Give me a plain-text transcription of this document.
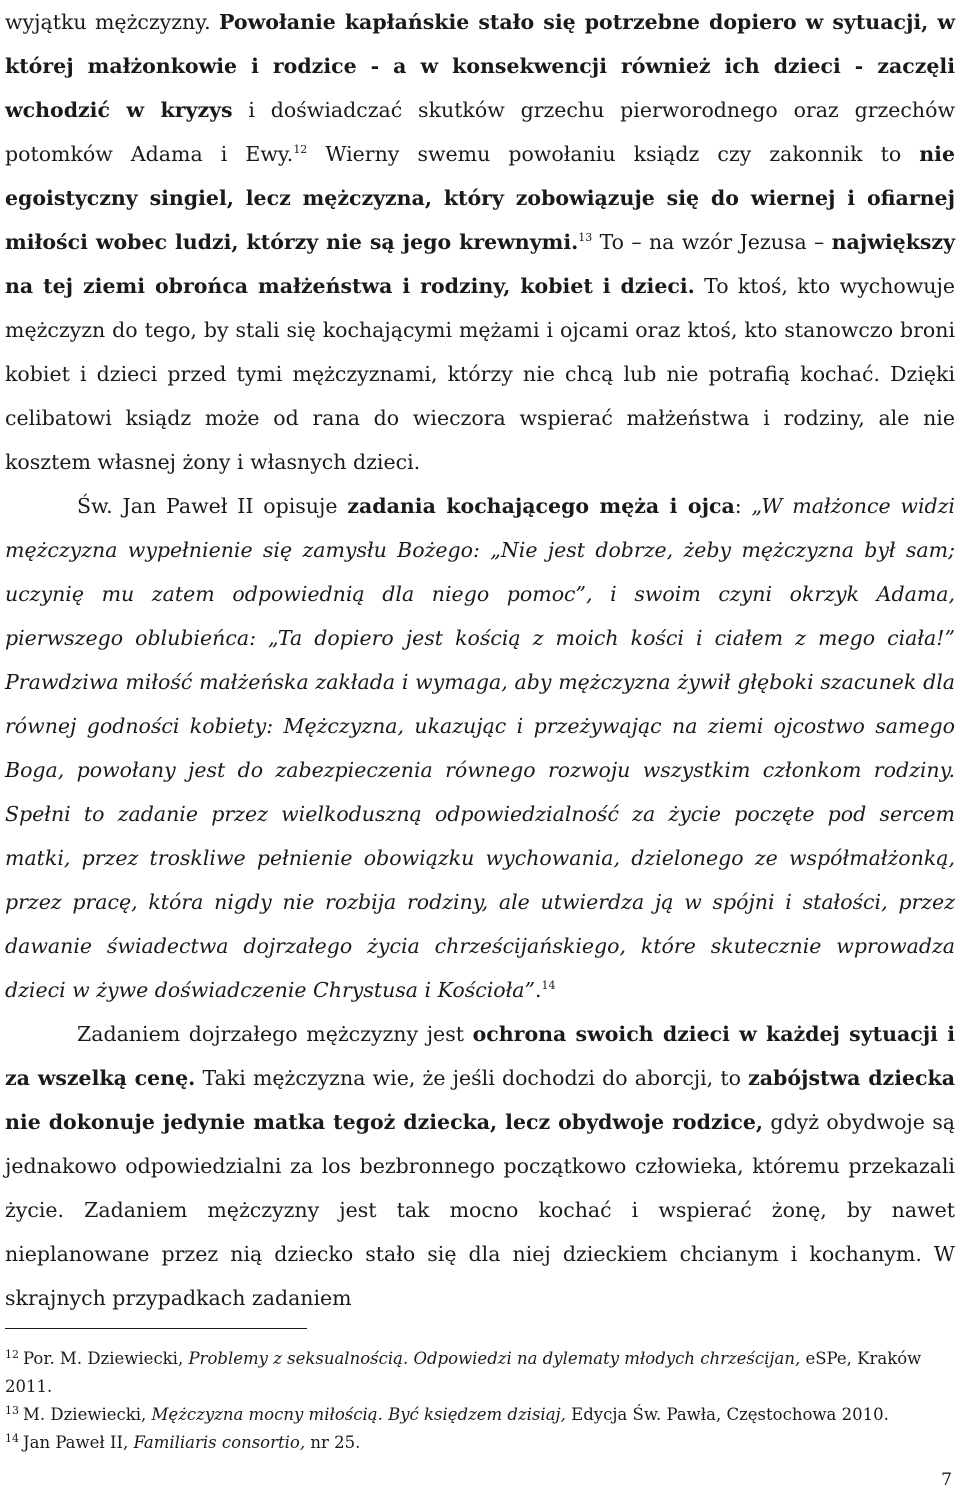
wyjątku mężczyzny. Powołanie kapłańskie stało się potrzebne dopiero w sytuacji, w której małżonkowie i rodzice - a w konsekwencji również ich dzieci - zaczęli wchodzić w kryzys i doświadczać skutków grzechu pierworodnego oraz grzechów potomków Adama i Ewy.$^{12}$ Wierny swemu powołaniu ksiądz czy zakonnik to nie egoistyczny singiel, lecz mężczyzna, który zobowiązuje się do wiernej i ofiarnej miłości wobec ludzi, którzy nie są jego krewnymi.$^{13}$ To – na wzór Jezusa – największy na tej ziemi obrońca małżeństwa i rodziny, kobiet i dzieci. To ktoś, kto wychowuje mężczyzn do tego, by stali się kochającymi mężami i ojcami oraz ktoś, kto stanowczo broni kobiet i dzieci przed tymi mężczyznami, którzy nie chcą lub nie potrafią kochać. Dzięki celibatowi ksiądz może od rana do wieczora wspierać małżeństwa i rodziny, ale nie kosztem własnej żony i własnych dzieci.

Św. Jan Paweł II opisuje zadania kochającego męża i ojca: „W małżonce widzi mężczyzna wypełnienie się zamysłu Bożego: „Nie jest dobrze, żeby mężczyzna był sam; uczynię mu zatem odpowiednią dla niego pomoc”, i swoim czyni okrzyk Adama, pierwszego oblubieńca: „Ta dopiero jest kością z moich kości i ciałem z mego ciała!” Prawdziwa miłość małżeńska zakłada i wymaga, aby mężczyzna żywił głęboki szacunek dla równej godności kobiety: Mężczyzna, ukazując i przeżywając na ziemi ojcostwo samego Boga, powołany jest do zabezpieczenia równego rozwoju wszystkim członkom rodziny. Spełni to zadanie przez wielkoduszną odpowiedzialność za życie poczęte pod sercem matki, przez troskliwe pełnienie obowiązku wychowania, dzielonego ze współmałżonką, przez pracę, która nigdy nie rozbija rodziny, ale utwierdza ją w spójni i stałości, przez dawanie świadectwa dojrzałego życia chrześcijańskiego, które skutecznie wprowadza dzieci w żywe doświadczenie Chrystusa i Kościoła”.$^{14}$

Zadaniem dojrzałego mężczyzny jest ochrona swoich dzieci w każdej sytuacji i za wszelką cenę. Taki mężczyzna wie, że jeśli dochodzi do aborcji, to zabójstwa dziecka nie dokonuje jedynie matka tegoż dziecka, lecz obydwoje rodzice, gdyż obydwoje są jednakowo odpowiedzialni za los bezbronnego początkowo człowieka, któremu przekazali życie. Zadaniem mężczyzny jest tak mocno kochać i wspierać żonę, by nawet nieplanowane przez nią dziecko stało się dla niej dzieckiem chcianym i kochanym. W skrajnych przypadkach zadaniem

$^{12}$ Por. M. Dziewiecki, Problemy z seksualnością. Odpowiedzi na dylematy młodych chrześcijan, eSPe, Kraków 2011.

$^{13}$ M. Dziewiecki, Mężczyzna mocny miłością. Być księdzem dzisiaj, Edycja Św. Pawła, Częstochowa 2010.

$^{14}$ Jan Paweł II, Familiaris consortio, nr 25.

7
